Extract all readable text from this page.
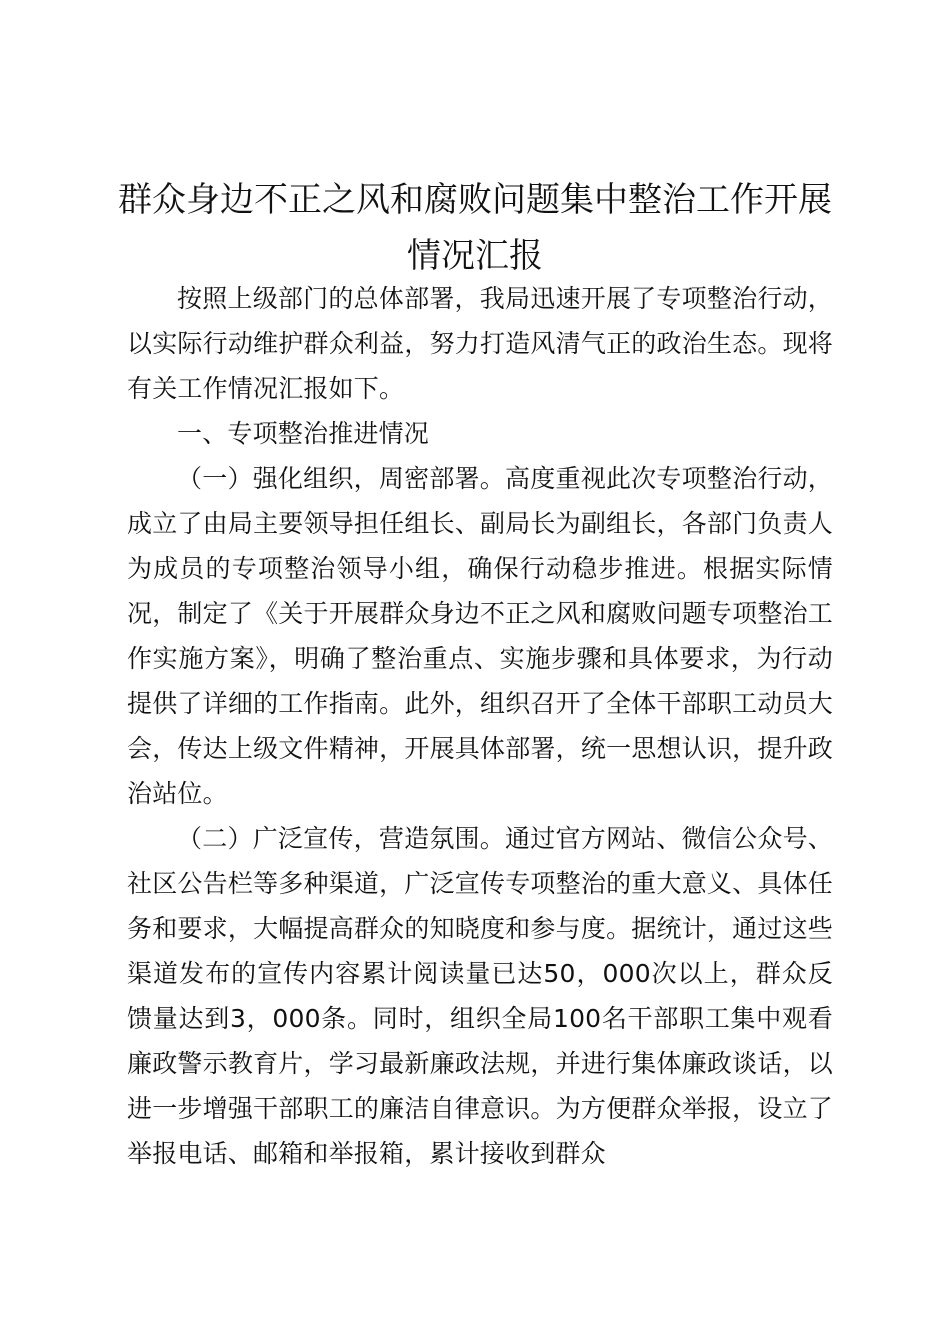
群众身边不正之风和腐败问题集中整治工作开展情况汇报

按照上级部门的总体部署，我局迅速开展了专项整治行动，以实际行动维护群众利益，努力打造风清气正的政治生态。现将有关工作情况汇报如下。

一、专项整治推进情况

（一）强化组织，周密部署。高度重视此次专项整治行动，成立了由局主要领导担任组长、副局长为副组长，各部门负责人为成员的专项整治领导小组，确保行动稳步推进。根据实际情况，制定了《关于开展群众身边不正之风和腐败问题专项整治工作实施方案》，明确了整治重点、实施步骤和具体要求，为行动提供了详细的工作指南。此外，组织召开了全体干部职工动员大会，传达上级文件精神，开展具体部署，统一思想认识，提升政治站位。

（二）广泛宣传，营造氛围。通过官方网站、微信公众号、社区公告栏等多种渠道，广泛宣传专项整治的重大意义、具体任务和要求，大幅提高群众的知晓度和参与度。据统计，通过这些渠道发布的宣传内容累计阅读量已达50，000次以上，群众反馈量达到3，000条。同时，组织全局100名干部职工集中观看廉政警示教育片，学习最新廉政法规，并进行集体廉政谈话，以进一步增强干部职工的廉洁自律意识。为方便群众举报，设立了举报电话、邮箱和举报箱，累计接收到群众
